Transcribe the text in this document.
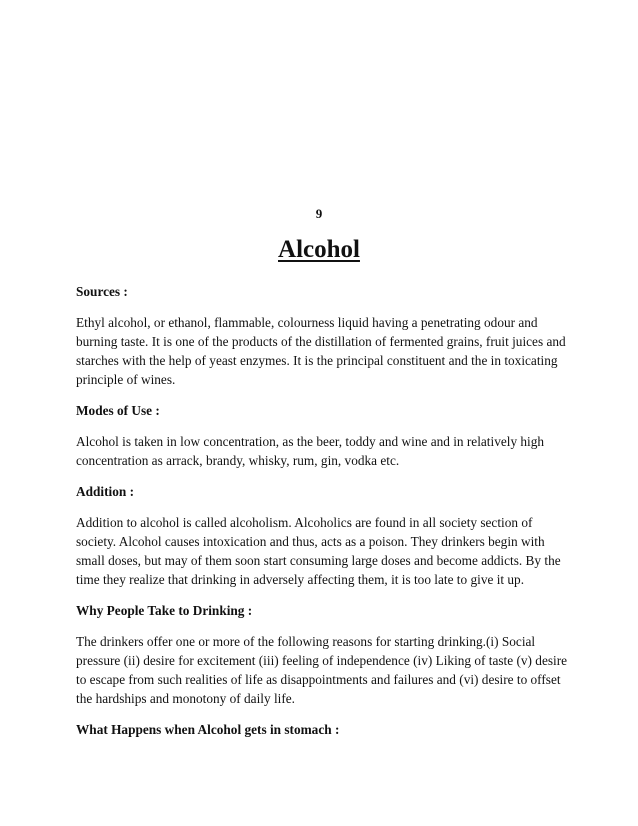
9
Alcohol
Sources :

Ethyl alcohol, or ethanol, flammable, colourness liquid having a penetrating odour and burning taste. It is one of the products of the distillation of fermented grains, fruit juices and starches with the help of yeast enzymes. It is the principal constituent and the in toxicating principle of wines.

Modes of Use :

Alcohol is taken in low concentration, as the beer, toddy and wine and in relatively high concentration as arrack, brandy, whisky, rum, gin, vodka etc.

Addition :

Addition to alcohol is called alcoholism. Alcoholics are found in all society section of society. Alcohol causes intoxication and thus, acts as a poison. They drinkers begin with small doses, but may of them soon start consuming large doses and become addicts. By the time they realize that drinking in adversely affecting them, it is too late to give it up.

Why People Take to Drinking :

The drinkers offer one or more of the following reasons for starting drinking.(i) Social pressure (ii) desire for excitement (iii) feeling of independence (iv) Liking of taste (v) desire to escape from such realities of life as disappointments and failures and (vi) desire to offset the hardships and monotony of daily life.

What Happens when Alcohol gets in stomach :
